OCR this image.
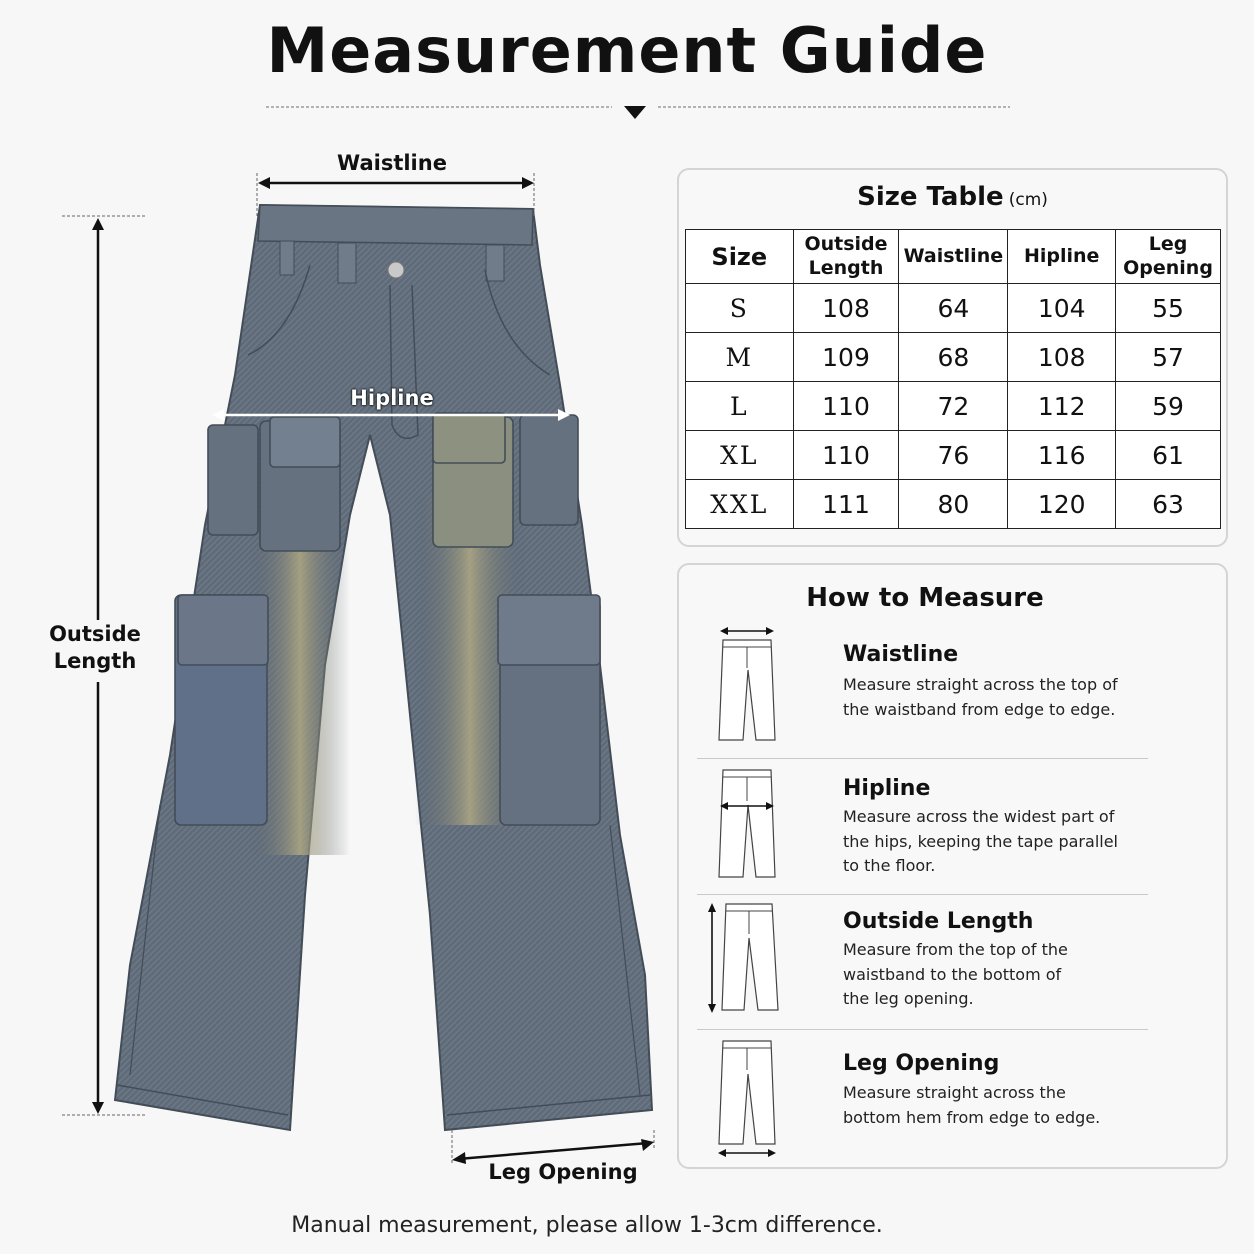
Measurement Guide
Waistline
Hipline
Outside
Length
Leg Opening
Size Table (cm)
Size	Outside Length	Waistline	Hipline	Leg Opening
S	108	64	104	55
M	109	68	108	57
L	110	72	112	59
XL	110	76	116	61
XXL	111	80	120	63
How to Measure
Waistline
Measure straight across the top of the waistband from edge to edge.
Hipline
Measure across the widest part of the hips, keeping the tape parallel to the floor.
Outside Length
Measure from the top of the waistband to the bottom of the leg opening.
Leg Opening
Measure straight across the bottom hem from edge to edge.
Manual measurement, please allow 1-3cm difference.
